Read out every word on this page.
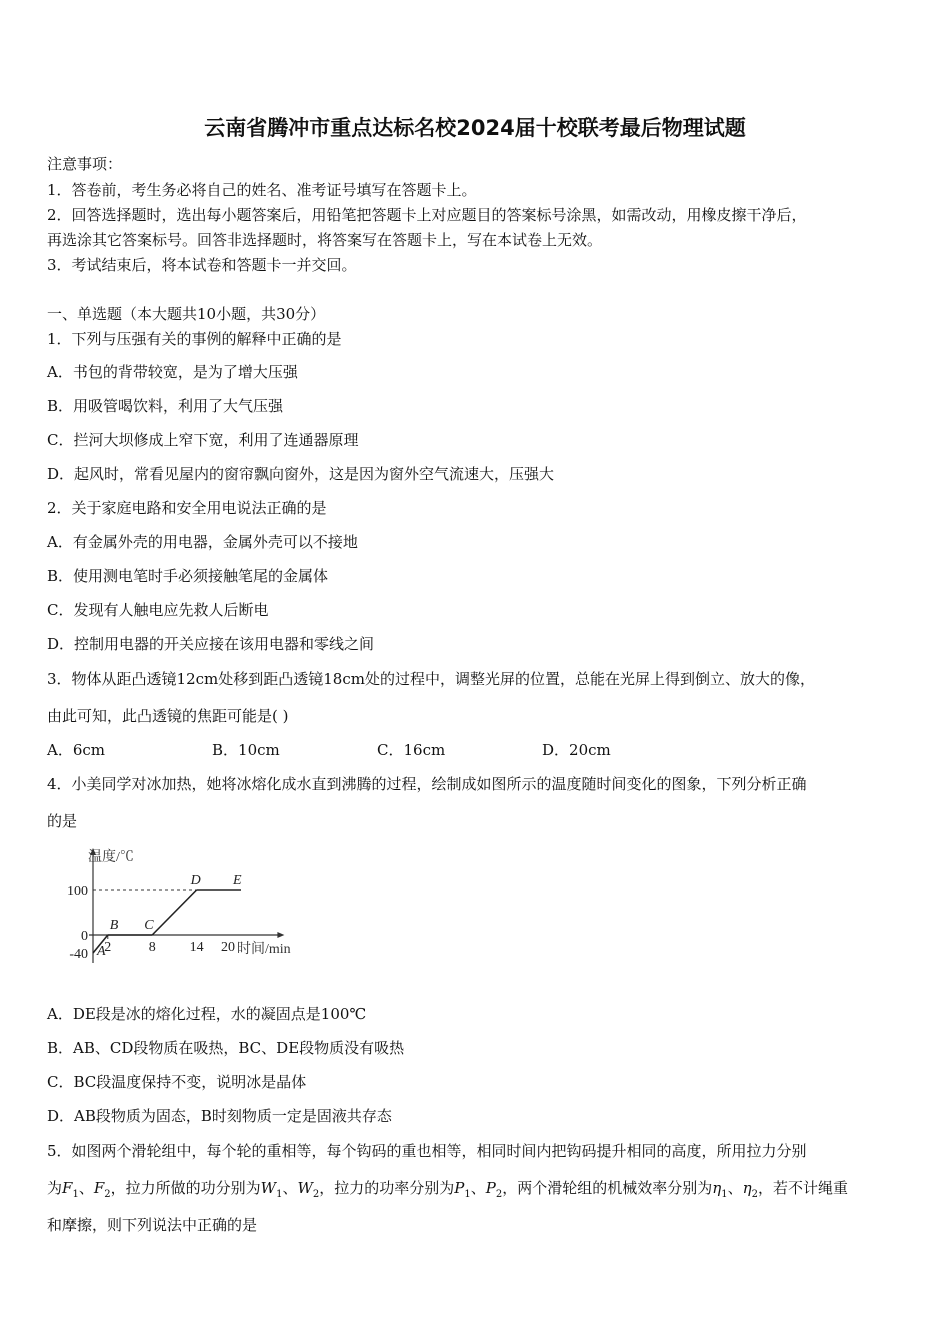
云南省腾冲市重点达标名校2024届十校联考最后物理试题
注意事项：
1．答卷前，考生务必将自己的姓名、准考证号填写在答题卡上。
2．回答选择题时，选出每小题答案后，用铅笔把答题卡上对应题目的答案标号涂黑，如需改动，用橡皮擦干净后，
再选涂其它答案标号。回答非选择题时，将答案写在答题卡上，写在本试卷上无效。
3．考试结束后，将本试卷和答题卡一并交回。
一、单选题（本大题共10小题，共30分）
1．下列与压强有关的事例的解释中正确的是
A．书包的背带较宽，是为了增大压强
B．用吸管喝饮料，利用了大气压强
C．拦河大坝修成上窄下宽，利用了连通器原理
D．起风时，常看见屋内的窗帘飘向窗外，这是因为窗外空气流速大，压强大
2．关于家庭电路和安全用电说法正确的是
A．有金属外壳的用电器，金属外壳可以不接地
B．使用测电笔时手必须接触笔尾的金属体
C．发现有人触电应先救人后断电
D．控制用电器的开关应接在该用电器和零线之间
3．物体从距凸透镜12cm处移到距凸透镜18cm处的过程中，调整光屏的位置，总能在光屏上得到倒立、放大的像，
由此可知，此凸透镜的焦距可能是( )
A．6cm	B．10cm	C．16cm	D．20cm
4．小美同学对冰加热，她将冰熔化成水直到沸腾的过程，绘制成如图所示的温度随时间变化的图象，下列分析正确
的是
温度/℃
时间/min
100
0
-40 2	8 14
A
B C
D E
20
A．DE段是冰的熔化过程，水的凝固点是100℃
B．AB、CD段物质在吸热，BC、DE段物质没有吸热
C．BC段温度保持不变，说明冰是晶体
D．AB段物质为固态，B时刻物质一定是固液共存态
5．如图两个滑轮组中，每个轮的重相等，每个钩码的重也相等，相同时间内把钩码提升相同的高度，所用拉力分别
为$F_1$、$F_2$，拉力所做的功分别为$W_1$、$W_2$，拉力的功率分别为$P_1$、$P_2$，两个滑轮组的机械效率分别为$\eta_1$、$\eta_2$，若不计绳重
和摩擦，则下列说法中正确的是
